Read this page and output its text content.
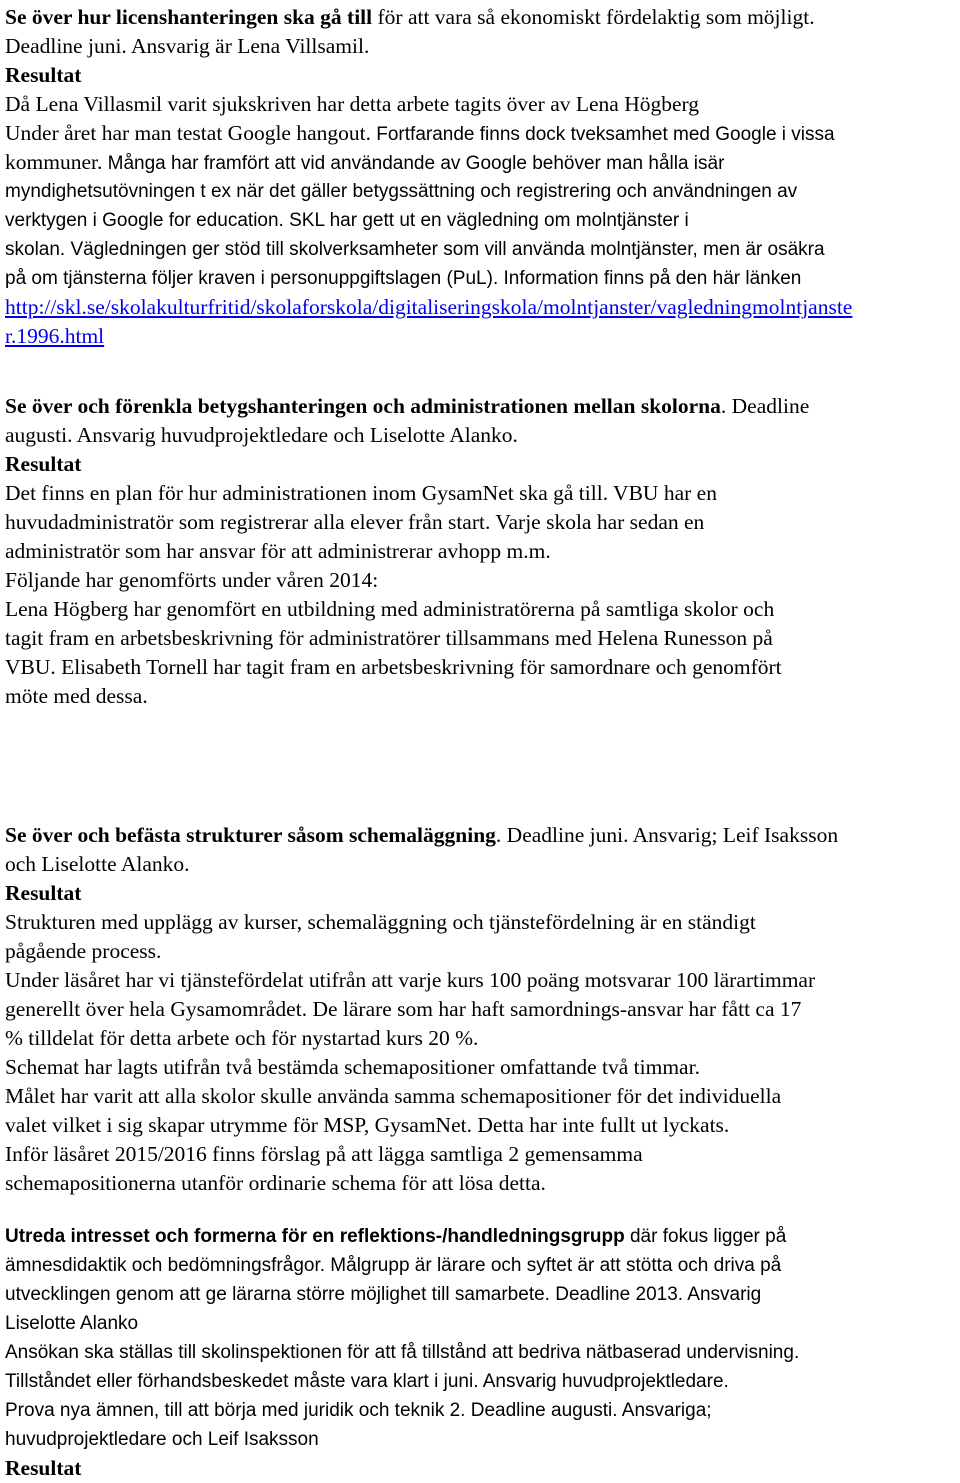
Se över hur licenshanteringen ska gå till för att vara så ekonomiskt fördelaktig som möjligt.
Deadline juni. Ansvarig är Lena Villsamil.
Resultat
Då Lena Villasmil varit sjukskriven har detta arbete tagits över av Lena Högberg
Under året har man testat Google hangout. Fortfarande finns dock tveksamhet med Google i vissa
kommuner. Många har framfört att vid användande av Google behöver man hålla isär
myndighetsutövningen t ex när det gäller betygssättning och registrering och användningen av
verktygen i Google for education. SKL har gett ut en vägledning om molntjänster i
skolan. Vägledningen ger stöd till skolverksamheter som vill använda molntjänster, men är osäkra
på om tjänsterna följer kraven i personuppgiftslagen (PuL). Information finns på den här länken
http://skl.se/skolakulturfritid/skolaforskola/digitaliseringskola/molntjanster/vagledningmolntjanste
r.1996.html
Se över och förenkla betygshanteringen och administrationen mellan skolorna. Deadline
augusti. Ansvarig huvudprojektledare och Liselotte Alanko.
Resultat
Det finns en plan för hur administrationen inom GysamNet ska gå till. VBU har en
huvudadministratör som registrerar alla elever från start. Varje skola har sedan en
administratör som har ansvar för att administrerar avhopp m.m.
Följande har genomförts under våren 2014:
Lena Högberg har genomfört en utbildning med administratörerna på samtliga skolor och
tagit fram en arbetsbeskrivning för administratörer tillsammans med Helena Runesson på
VBU. Elisabeth Tornell har tagit fram en arbetsbeskrivning för samordnare och genomfört
möte med dessa.
Se över och befästa strukturer såsom schemaläggning. Deadline juni. Ansvarig; Leif Isaksson
och Liselotte Alanko.
Resultat
Strukturen med upplägg av kurser, schemaläggning och tjänstefördelning är en ständigt
pågående process.
Under läsåret har vi tjänstefördelat utifrån att varje kurs 100 poäng motsvarar 100 lärartimmar
generellt över hela Gysamområdet. De lärare som har haft samordnings-ansvar har fått ca 17
% tilldelat för detta arbete och för nystartad kurs 20 %.
Schemat har lagts utifrån två bestämda schemapositioner omfattande två timmar.
Målet har varit att alla skolor skulle använda samma schemapositioner för det individuella
valet vilket i sig skapar utrymme för MSP, GysamNet. Detta har inte fullt ut lyckats.
Inför läsåret 2015/2016 finns förslag på att lägga samtliga 2 gemensamma
schemapositionerna utanför ordinarie schema för att lösa detta.
Utreda intresset och formerna för en reflektions-/handledningsgrupp där fokus ligger på
ämnesdidaktik och bedömningsfrågor. Målgrupp är lärare och syftet är att stötta och driva på
utvecklingen genom att ge lärarna större möjlighet till samarbete. Deadline 2013. Ansvarig
Liselotte Alanko
Ansökan ska ställas till skolinspektionen för att få tillstånd att bedriva nätbaserad undervisning.
Tillståndet eller förhandsbeskedet måste vara klart i juni. Ansvarig huvudprojektledare.
Prova nya ämnen, till att börja med juridik och teknik 2. Deadline augusti. Ansvariga;
huvudprojektledare och Leif Isaksson
Resultat
